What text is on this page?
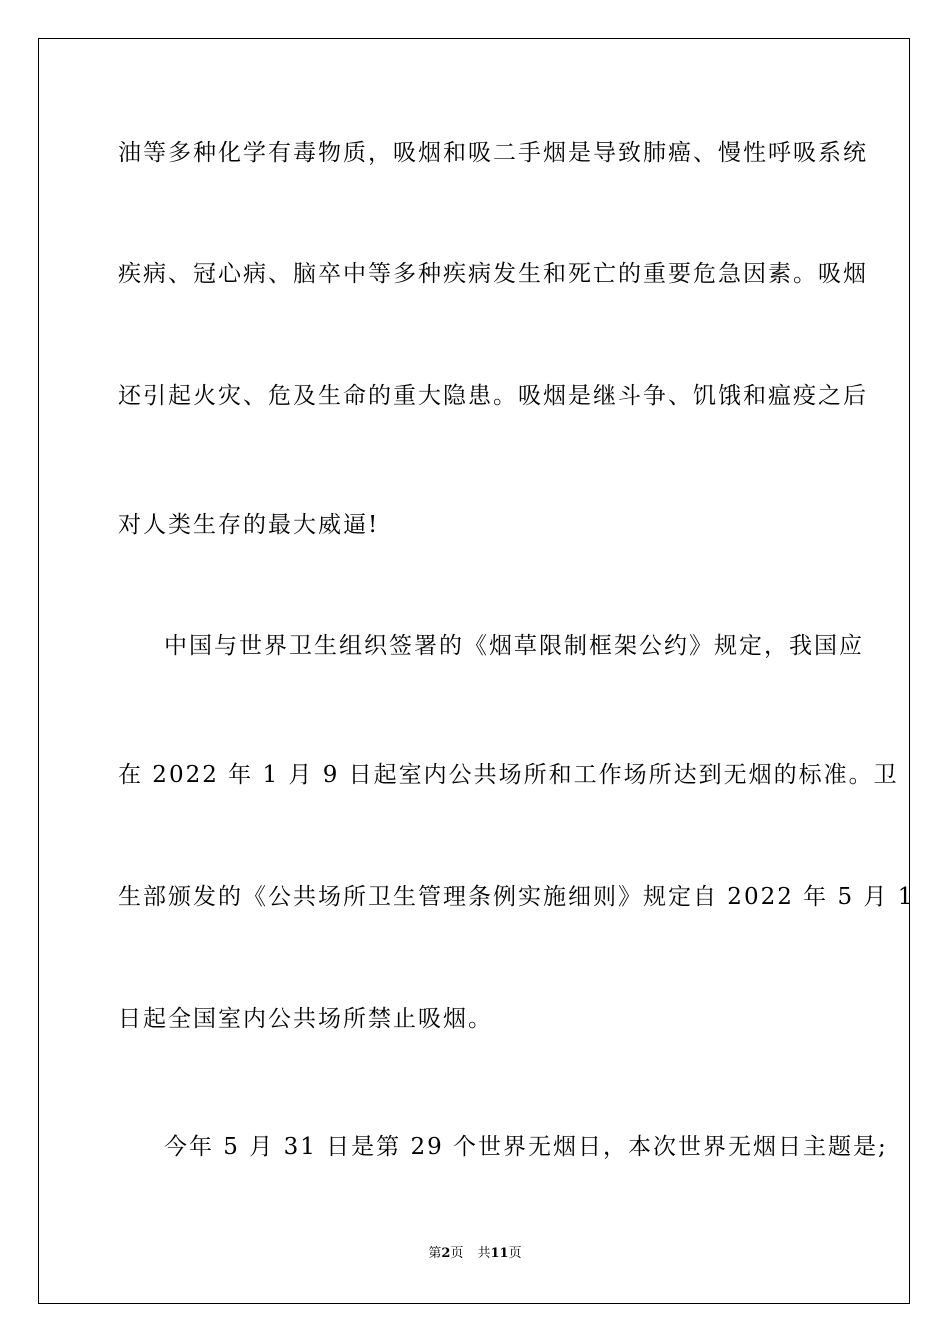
油等多种化学有毒物质，吸烟和吸二手烟是导致肺癌、慢性呼吸系统
疾病、冠心病、脑卒中等多种疾病发生和死亡的重要危急因素。吸烟
还引起火灾、危及生命的重大隐患。吸烟是继斗争、饥饿和瘟疫之后
对人类生存的最大威逼!
中国与世界卫生组织签署的《烟草限制框架公约》规定，我国应
在 2022 年 1 月 9 日起室内公共场所和工作场所达到无烟的标准。卫
生部颁发的《公共场所卫生管理条例实施细则》规定自 2022 年 5 月 1
日起全国室内公共场所禁止吸烟。
今年 5 月 31 日是第 29 个世界无烟日，本次世界无烟日主题是;
第2页 共11页
